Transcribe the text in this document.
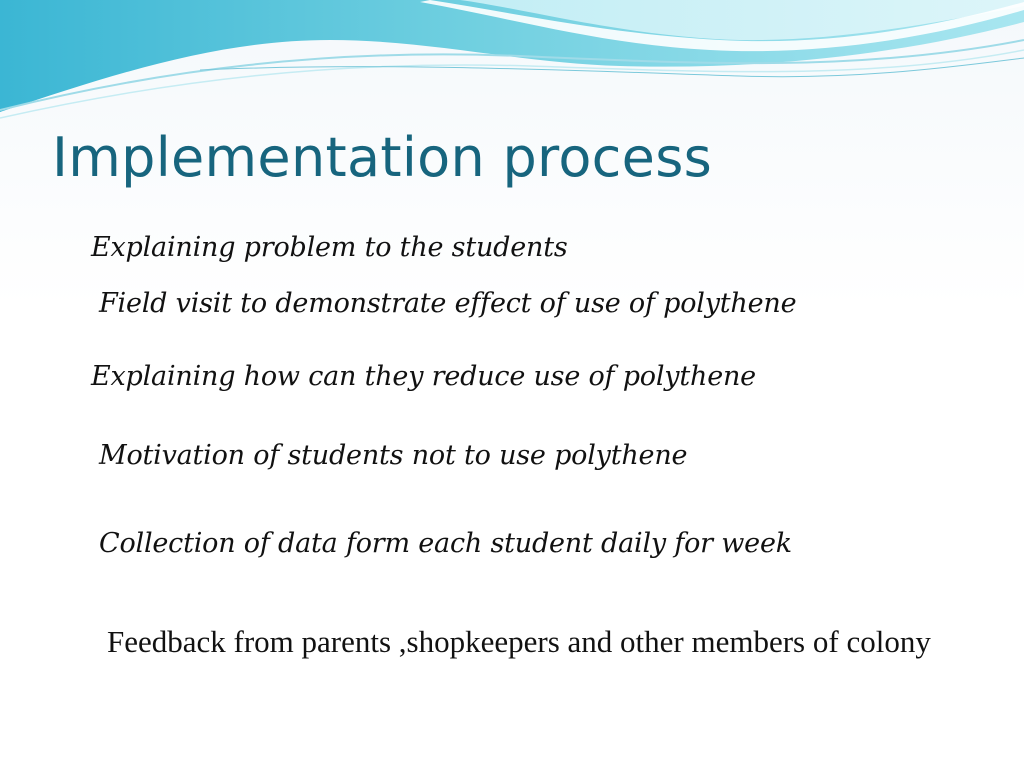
Implementation process

Explaining problem to the students

Field visit to demonstrate effect of use of polythene

Explaining how can they reduce use of polythene

Motivation of students not to use polythene

Collection of data form each student daily for week

Feedback from parents ,shopkeepers and other members of colony
